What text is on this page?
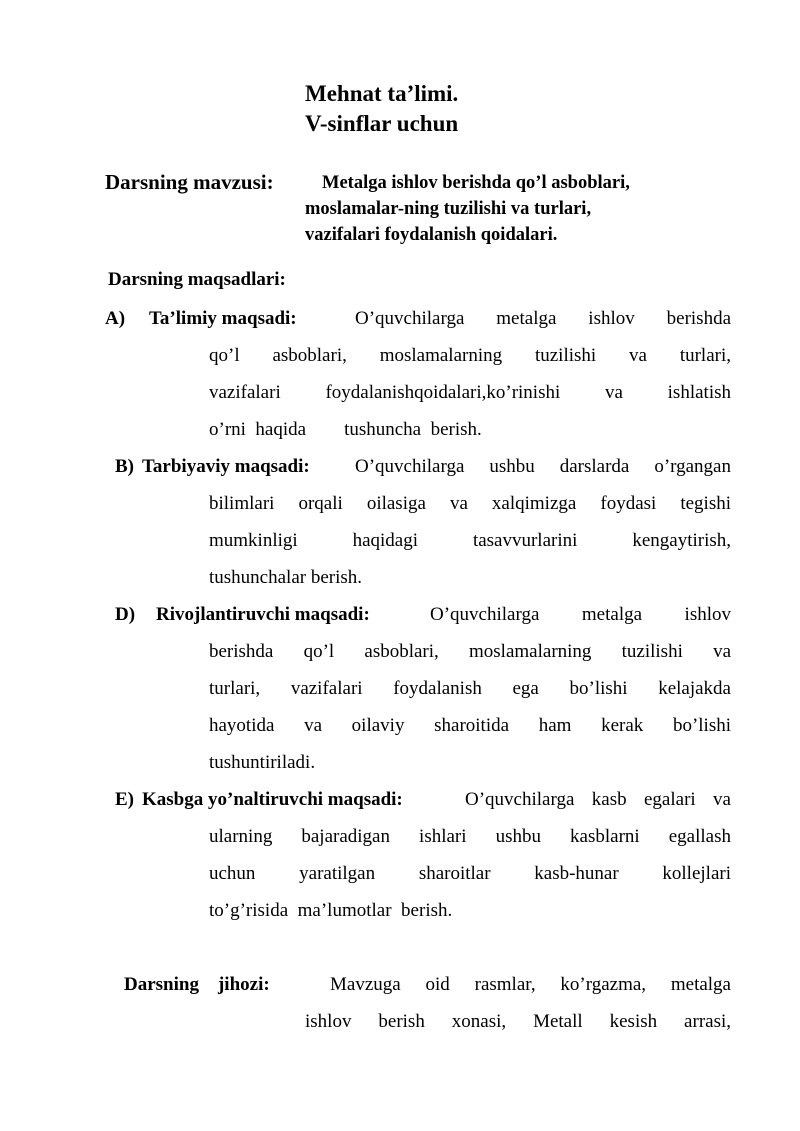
Mehnat ta’limi.
V-sinflar uchun
Darsning mavzusi:	Metalga ishlov berishda qo’l asboblari,
moslamalar-ning tuzilishi va turlari,
vazifalari foydalanish qoidalari.
Darsning maqsadlari:
A) Ta’limiy maqsadi:	O’quvchilarga metalga ishlov berishda
qo’l asboblari, moslamalarning tuzilishi va turlari,
vazifalari foydalanishqoidalari,ko’rinishi va ishlatish
o’rni  haqida        tushuncha  berish.
B) Tarbiyaviy maqsadi: O’quvchilarga ushbu darslarda o’rgangan
bilimlari orqali oilasiga va xalqimizga foydasi tegishi
mumkinligi haqidagi tasavvurlarini kengaytirish,
tushunchalar berish.
D) Rivojlantiruvchi maqsadi:	O’quvchilarga metalga ishlov
berishda qo’l asboblari, moslamalarning tuzilishi va
turlari, vazifalari foydalanish ega bo’lishi kelajakda
hayotida va oilaviy sharoitida ham kerak bo’lishi
tushuntiriladi.
E) Kasbga yo’naltiruvchi maqsadi:	O’quvchilarga kasb egalari va
ularning bajaradigan ishlari ushbu kasblarni egallash
uchun yaratilgan sharoitlar kasb-hunar kollejlari
to’g’risida  ma’lumotlar  berish.
Darsning    jihozi:	Mavzuga oid rasmlar, ko’rgazma, metalga
ishlov berish xonasi, Metall kesish arrasi,
